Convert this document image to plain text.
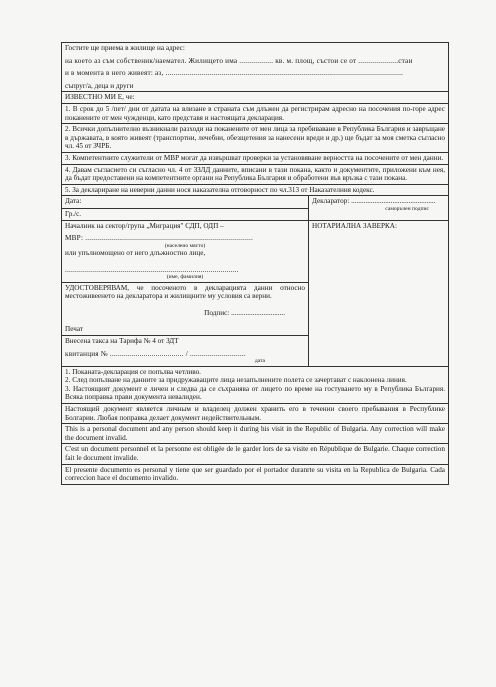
Гостите ще приема в жилище на адрес:
на което аз съм собственик/наемател. Жилището има ................. кв. м. площ, състои се от ....................стаи
и в момента в него живеят: аз, .......................................................................................................................
съпруг/а, деца и други
ИЗВЕСТНО МИ Е, че:
1. В срок до 5 /пет/ дни от датата на влизане в страната съм длъжен да регистрирам адресно на посочения по-горе адрес поканените от мен чужденци, като представя и настоящата декларация.
2. Всички допълнително възникнали разходи на поканените от мен лица за пребиваване в Република България и завръщане в държавата, в която живеят (транспортни, лечебни, обезщетения за нанесени вреди и др.) ще бъдат за моя сметка съгласно чл. 45 от ЗЧРБ.
3. Компетентните служители от МВР могат да извършват проверки за установяване верността на посочените от мен данни.
4. Давам съгласието си съгласно чл. 4 от ЗЗЛД данните, вписани в тази покана, както и документите, приложени към нея, да бъдат предоставени на компетентните органи на Република България и обработени във връзка с тази покана.
5. За деклариране на неверни данни нося наказателна отговорност по чл.313 от Наказателния кодекс.
Дата:
Гр./с.
Декларатор: ...............................................
саморъчен подпис
Началник на сектор/група „Миграция" СДП, ОДП –
МВР: ....................................................................................
(населено място)
или упълномощено от него длъжностно лице,
.......................................................................................
(име, фамилия)
УДОСТОВЕРЯВАМ, че посоченото в декларацията данни относно местоживеенето на декларатора и жилищните му условия са верни.
Подпис: ..............................
Печат
Внесена такса на Тарифа № 4 от ЗДТ
квитанция № ..................................... / ............................
дата
НОТАРИАЛНА ЗАВЕРКА:
1. Поканата-декларация се попълва четливо.
2. След попълване на данните за придружаващите лица незапълнените полета се зачертават с наклонена линия.
3. Настоящият документ е личен и следва да се съхранява от лицето по време на гостуването му в Република България. Всяка поправка прави документа невалиден.
Настоящий документ является личным и владелец должен хранить его в течении своего пребывания в Республике Болгарии. Любая поправка делает документ недействительным.
This is a personal document and any person should keep it during his visit in the Republic of Bulgaria. Any correction will make the document invalid.
C'est un document personnel et la personne est obligée de le garder lors de sa visite en République de Bulgarie. Chaque correction fait le document invalide.
El presente documento es personal y tiene que ser guardado por el portador duranrte su visita en la Republica de Bulgaria. Cada correccion hace el documento invalido.
